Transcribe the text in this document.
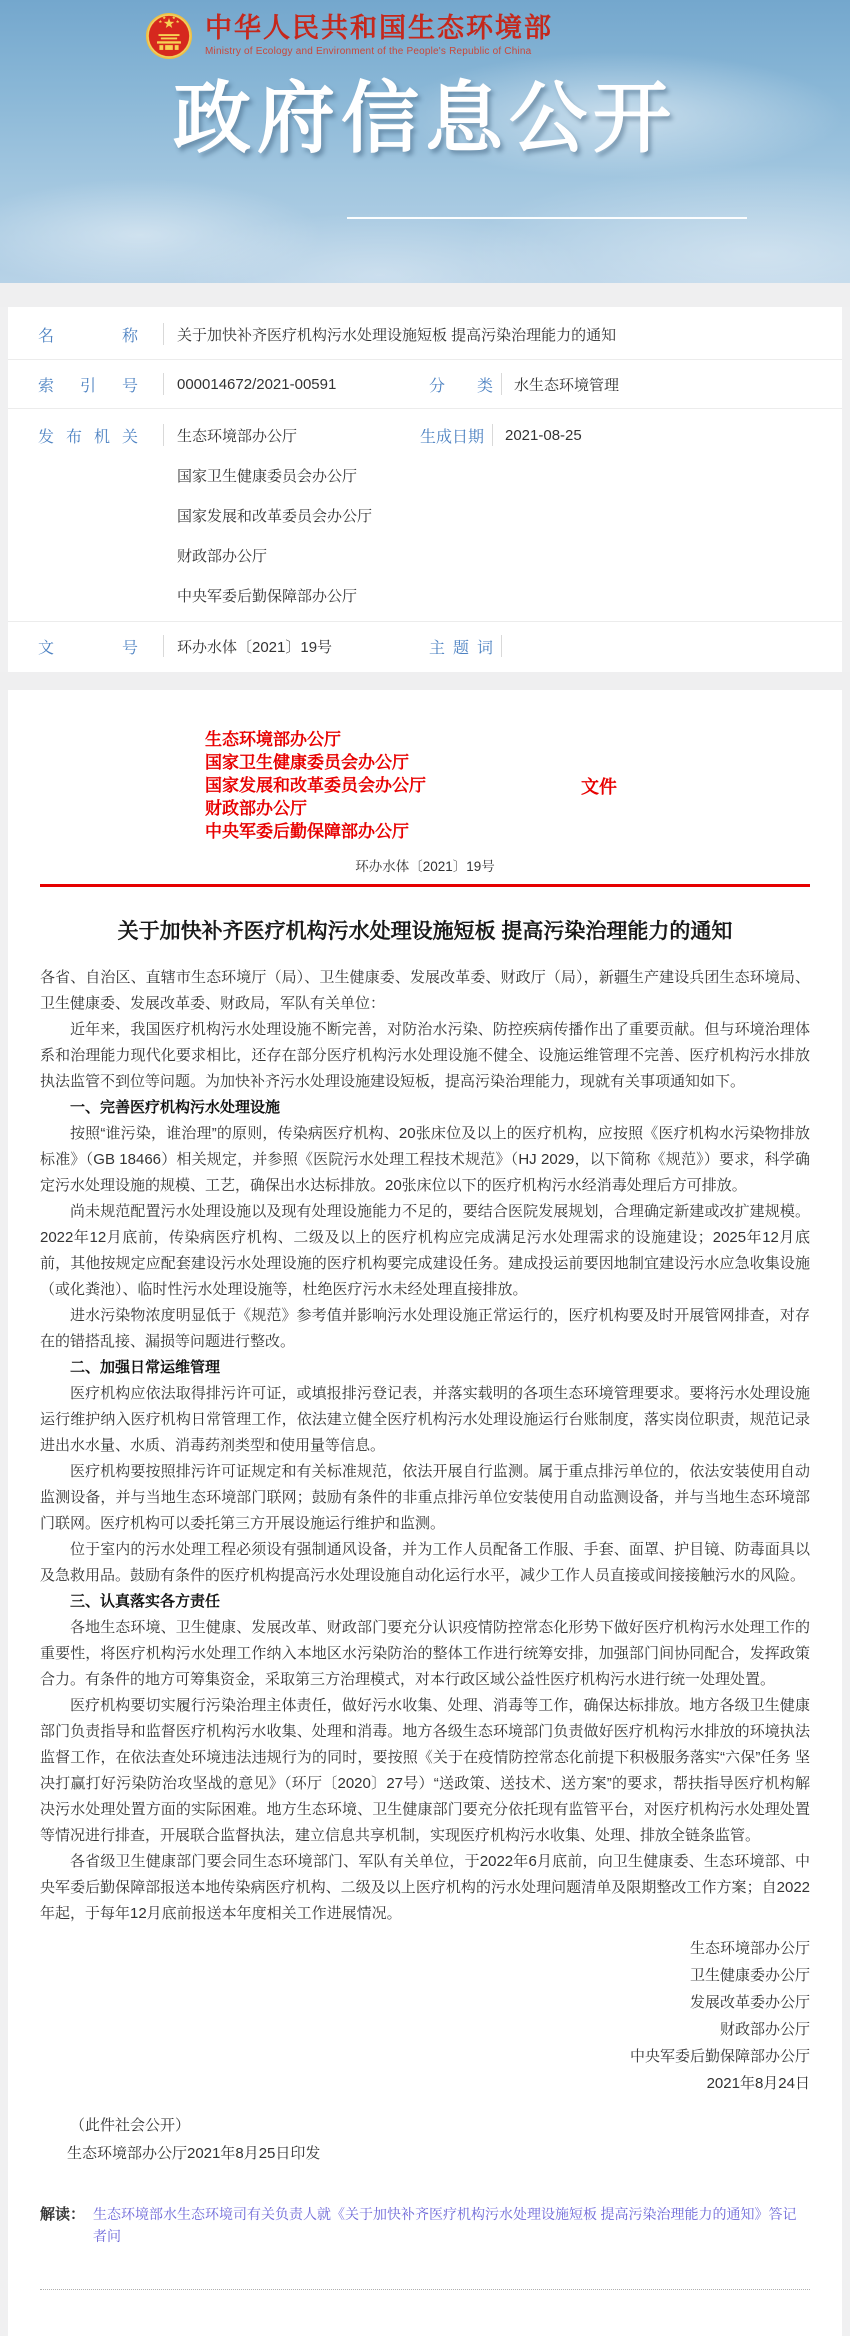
中华人民共和国生态环境部
Ministry of Ecology and Environment of the People's Republic of China
政府信息公开
名称	关于加快补齐医疗机构污水处理设施短板 提高污染治理能力的通知
索引号	000014672/2021-00591	分类 水生态环境管理
发布机关	生态环境部办公厅
国家卫生健康委员会办公厅
国家发展和改革委员会办公厅
财政部办公厅
中央军委后勤保障部办公厅
生成日期 2021-08-25
文号	环办水体〔2021〕19号	主题词
生态环境部办公厅
国家卫生健康委员会办公厅
国家发展和改革委员会办公厅
财政部办公厅
中央军委后勤保障部办公厅
文件
环办水体〔2021〕19号
关于加快补齐医疗机构污水处理设施短板 提高污染治理能力的通知

各省、自治区、直辖市生态环境厅（局）、卫生健康委、发展改革委、财政厅（局），新疆生产建设兵团生态环境局、卫生健康委、发展改革委、财政局，军队有关单位：

近年来，我国医疗机构污水处理设施不断完善，对防治水污染、防控疾病传播作出了重要贡献。但与环境治理体系和治理能力现代化要求相比，还存在部分医疗机构污水处理设施不健全、设施运维管理不完善、医疗机构污水排放执法监管不到位等问题。为加快补齐污水处理设施建设短板，提高污染治理能力，现就有关事项通知如下。

一、完善医疗机构污水处理设施

按照“谁污染，谁治理”的原则，传染病医疗机构、20张床位及以上的医疗机构，应按照《医疗机构水污染物排放标准》（GB 18466）相关规定，并参照《医院污水处理工程技术规范》（HJ 2029，以下简称《规范》）要求，科学确定污水处理设施的规模、工艺，确保出水达标排放。20张床位以下的医疗机构污水经消毒处理后方可排放。

尚未规范配置污水处理设施以及现有处理设施能力不足的，要结合医院发展规划，合理确定新建或改扩建规模。2022年12月底前，传染病医疗机构、二级及以上的医疗机构应完成满足污水处理需求的设施建设；2025年12月底前，其他按规定应配套建设污水处理设施的医疗机构要完成建设任务。建成投运前要因地制宜建设污水应急收集设施（或化粪池）、临时性污水处理设施等，杜绝医疗污水未经处理直接排放。

进水污染物浓度明显低于《规范》参考值并影响污水处理设施正常运行的，医疗机构要及时开展管网排查，对存在的错搭乱接、漏损等问题进行整改。

二、加强日常运维管理

医疗机构应依法取得排污许可证，或填报排污登记表，并落实载明的各项生态环境管理要求。要将污水处理设施运行维护纳入医疗机构日常管理工作，依法建立健全医疗机构污水处理设施运行台账制度，落实岗位职责，规范记录进出水水量、水质、消毒药剂类型和使用量等信息。

医疗机构要按照排污许可证规定和有关标准规范，依法开展自行监测。属于重点排污单位的，依法安装使用自动监测设备，并与当地生态环境部门联网；鼓励有条件的非重点排污单位安装使用自动监测设备，并与当地生态环境部门联网。医疗机构可以委托第三方开展设施运行维护和监测。

位于室内的污水处理工程必须设有强制通风设备，并为工作人员配备工作服、手套、面罩、护目镜、防毒面具以及急救用品。鼓励有条件的医疗机构提高污水处理设施自动化运行水平，减少工作人员直接或间接接触污水的风险。

三、认真落实各方责任

各地生态环境、卫生健康、发展改革、财政部门要充分认识疫情防控常态化形势下做好医疗机构污水处理工作的重要性，将医疗机构污水处理工作纳入本地区水污染防治的整体工作进行统筹安排，加强部门间协同配合，发挥政策合力。有条件的地方可筹集资金，采取第三方治理模式，对本行政区域公益性医疗机构污水进行统一处理处置。

医疗机构要切实履行污染治理主体责任，做好污水收集、处理、消毒等工作，确保达标排放。地方各级卫生健康部门负责指导和监督医疗机构污水收集、处理和消毒。地方各级生态环境部门负责做好医疗机构污水排放的环境执法监督工作，在依法查处环境违法违规行为的同时，要按照《关于在疫情防控常态化前提下积极服务落实“六保”任务 坚决打赢打好污染防治攻坚战的意见》（环厅〔2020〕27号）“送政策、送技术、送方案”的要求，帮扶指导医疗机构解决污水处理处置方面的实际困难。地方生态环境、卫生健康部门要充分依托现有监管平台，对医疗机构污水处理处置等情况进行排查，开展联合监督执法，建立信息共享机制，实现医疗机构污水收集、处理、排放全链条监管。

各省级卫生健康部门要会同生态环境部门、军队有关单位，于2022年6月底前，向卫生健康委、生态环境部、中央军委后勤保障部报送本地传染病医疗机构、二级及以上医疗机构的污水处理问题清单及限期整改工作方案；自2022年起，于每年12月底前报送本年度相关工作进展情况。

生态环境部办公厅
卫生健康委办公厅
发展改革委办公厅
财政部办公厅
中央军委后勤保障部办公厅
2021年8月24日
（此件社会公开）
生态环境部办公厅2021年8月25日印发
解读： 生态环境部水生态环境司有关负责人就《关于加快补齐医疗机构污水处理设施短板 提高污染治理能力的通知》答记者问
